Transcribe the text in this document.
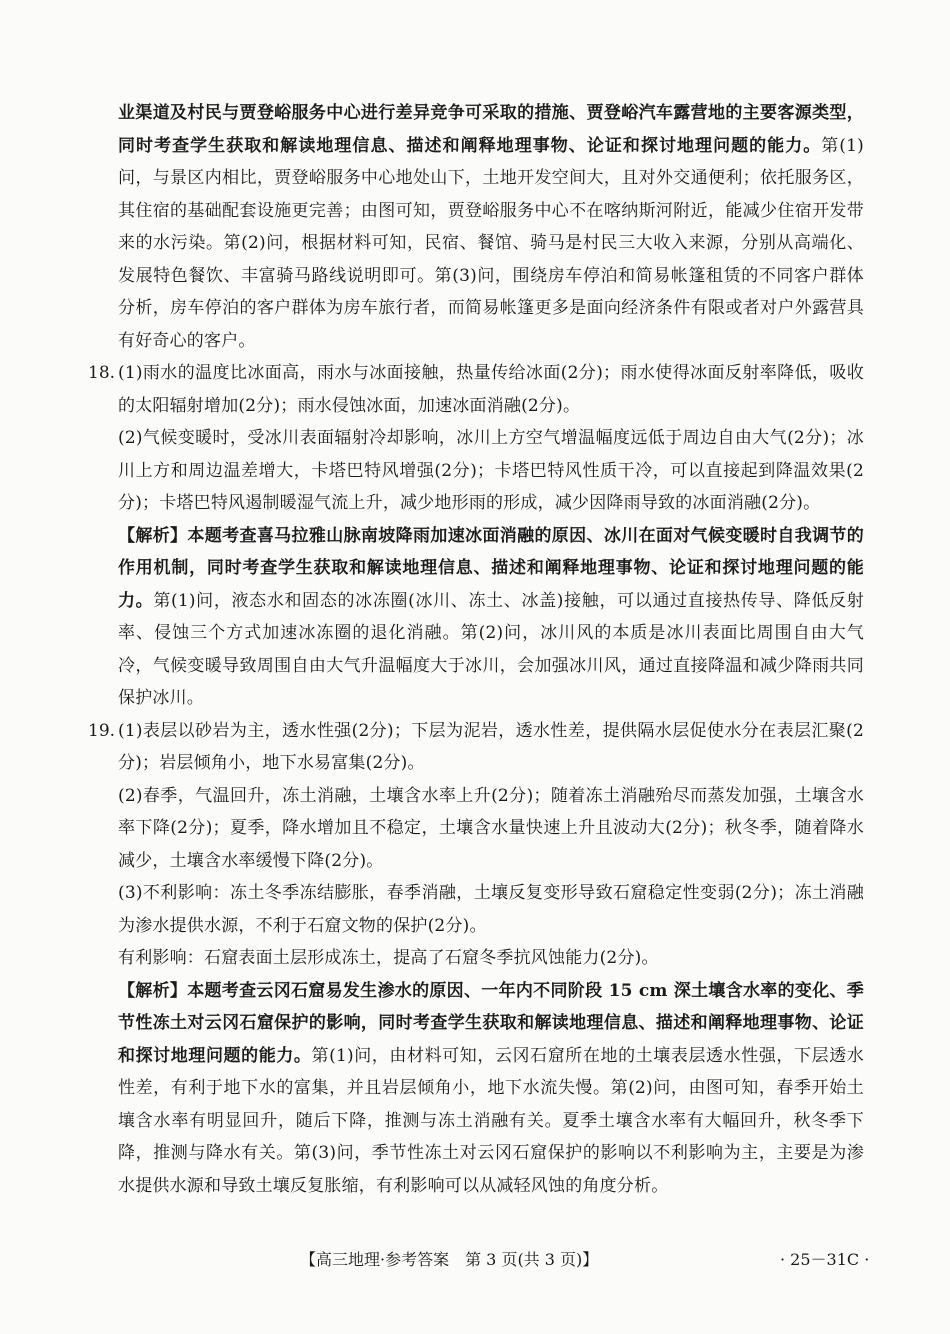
业渠道及村民与贾登峪服务中心进行差异竞争可采取的措施、贾登峪汽车露营地的主要客源类型，同时考查学生获取和解读地理信息、描述和阐释地理事物、论证和探讨地理问题的能力。第(1)问，与景区内相比，贾登峪服务中心地处山下，土地开发空间大，且对外交通便利；依托服务区，其住宿的基础配套设施更完善；由图可知，贾登峪服务中心不在喀纳斯河附近，能减少住宿开发带来的水污染。第(2)问，根据材料可知，民宿、餐馆、骑马是村民三大收入来源，分别从高端化、发展特色餐饮、丰富骑马路线说明即可。第(3)问，围绕房车停泊和简易帐篷租赁的不同客户群体分析，房车停泊的客户群体为房车旅行者，而简易帐篷更多是面向经济条件有限或者对户外露营具有好奇心的客户。

18. (1)雨水的温度比冰面高，雨水与冰面接触，热量传给冰面(2分)；雨水使得冰面反射率降低，吸收的太阳辐射增加(2分)；雨水侵蚀冰面，加速冰面消融(2分)。

(2)气候变暖时，受冰川表面辐射冷却影响，冰川上方空气增温幅度远低于周边自由大气(2分)；冰川上方和周边温差增大，卡塔巴特风增强(2分)；卡塔巴特风性质干冷，可以直接起到降温效果(2分)；卡塔巴特风遏制暖湿气流上升，减少地形雨的形成，减少因降雨导致的冰面消融(2分)。

【解析】本题考查喜马拉雅山脉南坡降雨加速冰面消融的原因、冰川在面对气候变暖时自我调节的作用机制，同时考查学生获取和解读地理信息、描述和阐释地理事物、论证和探讨地理问题的能力。第(1)问，液态水和固态的冰冻圈(冰川、冻土、冰盖)接触，可以通过直接热传导、降低反射率、侵蚀三个方式加速冰冻圈的退化消融。第(2)问，冰川风的本质是冰川表面比周围自由大气冷，气候变暖导致周围自由大气升温幅度大于冰川，会加强冰川风，通过直接降温和减少降雨共同保护冰川。

19. (1)表层以砂岩为主，透水性强(2分)；下层为泥岩，透水性差，提供隔水层促使水分在表层汇聚(2分)；岩层倾角小，地下水易富集(2分)。

(2)春季，气温回升，冻土消融，土壤含水率上升(2分)；随着冻土消融殆尽而蒸发加强，土壤含水率下降(2分)；夏季，降水增加且不稳定，土壤含水量快速上升且波动大(2分)；秋冬季，随着降水减少，土壤含水率缓慢下降(2分)。

(3)不利影响：冻土冬季冻结膨胀，春季消融，土壤反复变形导致石窟稳定性变弱(2分)；冻土消融为渗水提供水源，不利于石窟文物的保护(2分)。

有利影响：石窟表面土层形成冻土，提高了石窟冬季抗风蚀能力(2分)。

【解析】本题考查云冈石窟易发生渗水的原因、一年内不同阶段 15 cm 深土壤含水率的变化、季节性冻土对云冈石窟保护的影响，同时考查学生获取和解读地理信息、描述和阐释地理事物、论证和探讨地理问题的能力。第(1)问，由材料可知，云冈石窟所在地的土壤表层透水性强，下层透水性差，有利于地下水的富集，并且岩层倾角小，地下水流失慢。第(2)问，由图可知，春季开始土壤含水率有明显回升，随后下降，推测与冻土消融有关。夏季土壤含水率有大幅回升，秋冬季下降，推测与降水有关。第(3)问，季节性冻土对云冈石窟保护的影响以不利影响为主，主要是为渗水提供水源和导致土壤反复胀缩，有利影响可以从减轻风蚀的角度分析。

【高三地理·参考答案　第 3 页(共 3 页)】	· 25－31C ·
